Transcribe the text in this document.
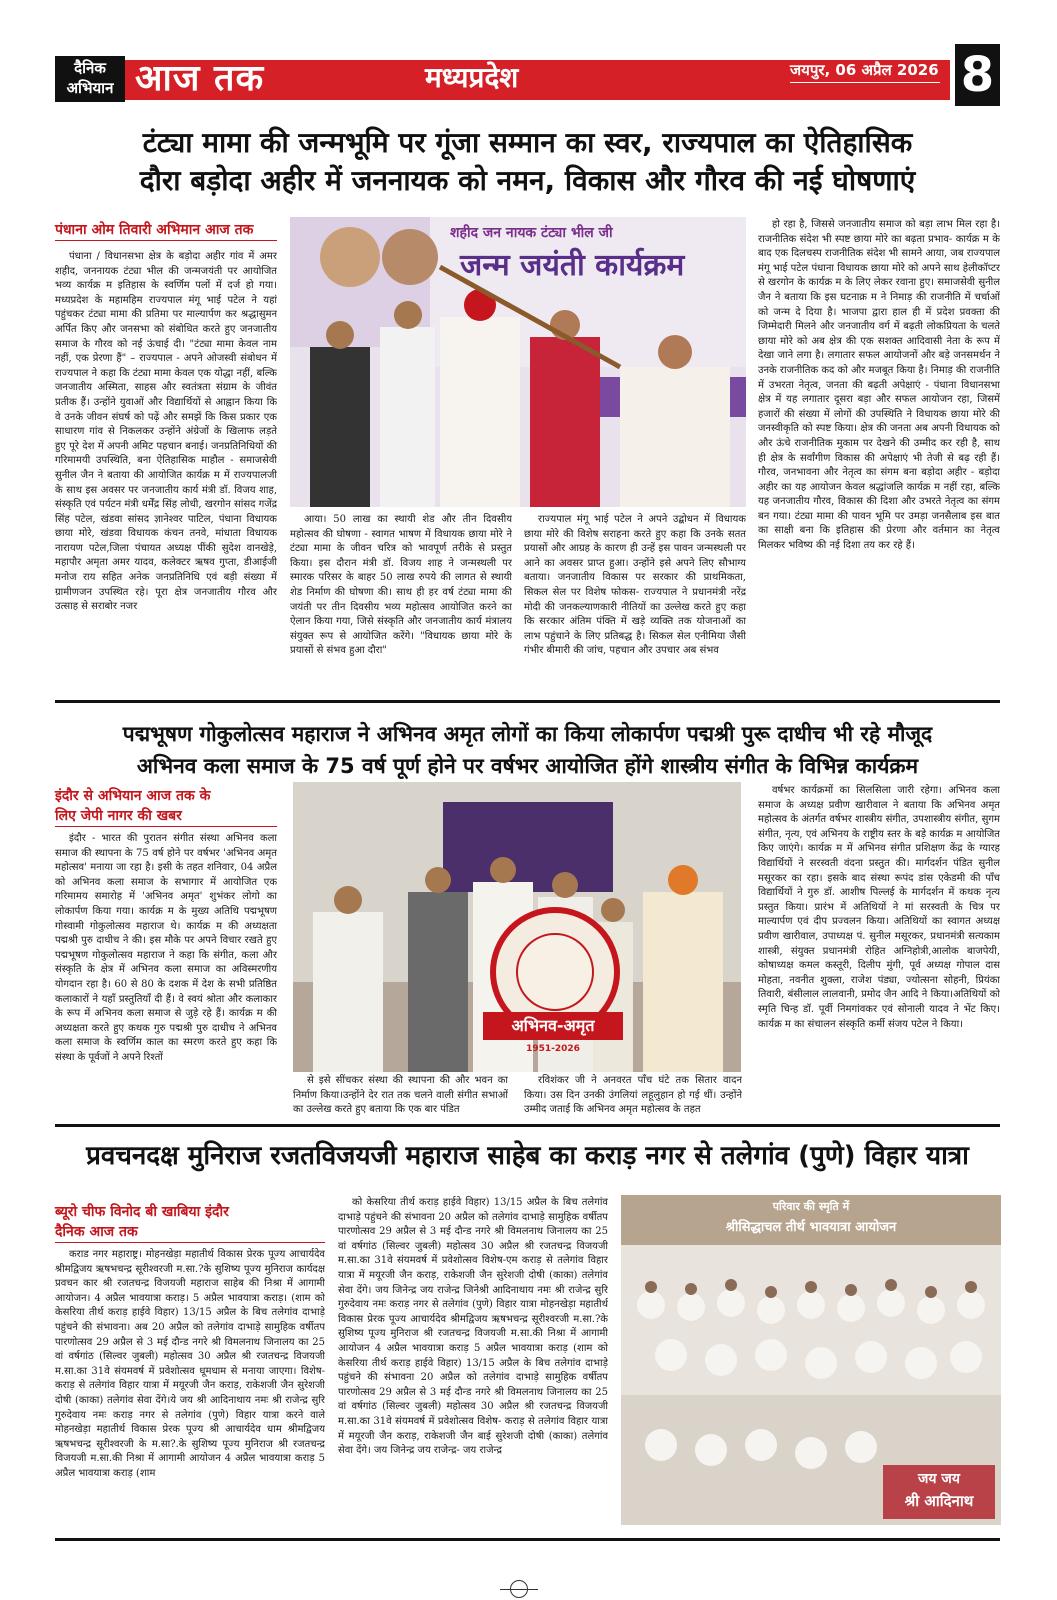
दैनिक
अभियान आज तक	मध्यप्रदेश	जयपुर, 06 अप्रैल 2026 8
टंट्या मामा की जन्मभूमि पर गूंजा सम्मान का स्वर, राज्यपाल का ऐतिहासिक
दौरा बड़ोदा अहीर में जननायक को नमन, विकास और गौरव की नई घोषणाएं
पंधाना ओम तिवारी अभिमान आज तक

पंधाना / विधानसभा क्षेत्र के बड़ोदा अहीर गांव में अमर शहीद, जननायक टंट्या भील की जन्मजयंती पर आयोजित भव्य कार्यक्र म इतिहास के स्वर्णिम पलों में दर्ज हो गया। मध्यप्रदेश के महामहिम राज्यपाल मंगू भाई पटेल ने यहां पहुंचकर टंट्या मामा की प्रतिमा पर माल्यार्पण कर श्रद्धासुमन अर्पित किए और जनसभा को संबोधित करते हुए जनजातीय समाज के गौरव को नई ऊंचाई दी। "टंट्या मामा केवल नाम नहीं, एक प्रेरणा हैं" – राज्यपाल - अपने ओजस्वी संबोधन में राज्यपाल ने कहा कि टंट्या मामा केवल एक योद्धा नहीं, बल्कि जनजातीय अस्मिता, साहस और स्वतंत्रता संग्राम के जीवंत प्रतीक हैं। उन्होंने युवाओं और विद्यार्थियों से आह्वान किया कि वे उनके जीवन संघर्ष को पढ़ें और समझें कि किस प्रकार एक साधारण गांव से निकलकर उन्होंने अंग्रेजों के खिलाफ लड़ते हुए पूरे देश में अपनी अमिट पहचान बनाई। जनप्रतिनिधियों की गरिमामयी उपस्थिति, बना ऐतिहासिक माहौल - समाजसेवी सुनील जैन ने बताया की आयोजित कार्यक्र म में राज्यपालजी के साथ इस अवसर पर जनजातीय कार्य मंत्री डॉ. विजय शाह, संस्कृति एवं पर्यटन मंत्री धर्मेंद्र सिंह लोधी, खरगोन सांसद गजेंद्र सिंह पटेल, खंडवा सांसद ज्ञानेश्वर पाटिल, पंधाना विधायक छाया मोरे, खंडवा विधायक कंचन तनवे, मांधाता विधायक नारायण पटेल,जिला पंचायत अध्यक्ष पींकी सुदेश वानखेड़े, महापौर अमृता अमर यादव, कलेक्टर ऋषव गुप्ता, डीआईजी मनोज राय सहित अनेक जनप्रतिनिधि एवं बड़ी संख्या में ग्रामीणजन उपस्थित रहे। पूरा क्षेत्र जनजातीय गौरव और उत्साह से सराबोर नजर

शहीद जन नायक टंट्या भील जी
जन्म जयंती कार्यक्रम

आया। 50 लाख का स्थायी शेड और तीन दिवसीय महोत्सव की घोषणा - स्वागत भाषण में विधायक छाया मोरे ने टंट्या मामा के जीवन चरित्र को भावपूर्ण तरीके से प्रस्तुत किया। इस दौरान मंत्री डॉ. विजय शाह ने जन्मस्थली पर स्मारक परिसर के बाहर 50 लाख रुपये की लागत से स्थायी शेड निर्माण की घोषणा की। साथ ही हर वर्ष टंट्या मामा की जयंती पर तीन दिवसीय भव्य महोत्सव आयोजित करने का ऐलान किया गया, जिसे संस्कृति और जनजातीय कार्य मंत्रालय संयुक्त रूप से आयोजित करेंगे। "विधायक छाया मोरे के प्रयासों से संभव हुआ दौरा"

राज्यपाल मंगू भाई पटेल ने अपने उद्बोधन में विधायक छाया मोरे की विशेष सराहना करते हुए कहा कि उनके सतत प्रयासों और आग्रह के कारण ही उन्हें इस पावन जन्मस्थली पर आने का अवसर प्राप्त हुआ। उन्होंने इसे अपने लिए सौभाग्य बताया। जनजातीय विकास पर सरकार की प्राथमिकता, सिकल सेल पर विशेष फोकस- राज्यपाल ने प्रधानमंत्री नरेंद्र मोदी की जनकल्याणकारी नीतियों का उल्लेख करते हुए कहा कि सरकार अंतिम पंक्ति में खड़े व्यक्ति तक योजनाओं का लाभ पहुंचाने के लिए प्रतिबद्ध है। सिकल सेल एनीमिया जैसी गंभीर बीमारी की जांच, पहचान और उपचार अब संभव

हो रहा है, जिससे जनजातीय समाज को बड़ा लाभ मिल रहा है। राजनीतिक संदेश भी स्पष्ट छाया मोरे का बढ़ता प्रभाव- कार्यक्र म के बाद एक दिलचस्प राजनीतिक संदेश भी सामने आया, जब राज्यपाल मंगू भाई पटेल पंधाना विधायक छाया मोरे को अपने साथ हेलीकॉप्टर से खरगोन के कार्यक्र म के लिए लेकर रवाना हुए। समाजसेवी सुनील जैन ने बताया कि इस घटनाक्र म ने निमाड़ की राजनीति में चर्चाओं को जन्म दे दिया है। भाजपा द्वारा हाल ही में प्रदेश प्रवक्ता की जिम्मेदारी मिलने और जनजातीय वर्ग में बढ़ती लोकप्रियता के चलते छाया मोरे को अब क्षेत्र की एक सशक्त आदिवासी नेता के रूप में देखा जाने लगा है। लगातार सफल आयोजनों और बड़े जनसमर्थन ने उनके राजनीतिक कद को और मजबूत किया है। निमाड़ की राजनीति में उभरता नेतृत्व, जनता की बढ़ती अपेक्षाएं - पंधाना विधानसभा क्षेत्र में यह लगातार दूसरा बड़ा और सफल आयोजन रहा, जिसमें हजारों की संख्या में लोगों की उपस्थिति ने विधायक छाया मोरे की जनस्वीकृति को स्पष्ट किया। क्षेत्र की जनता अब अपनी विधायक को और ऊंचे राजनीतिक मुकाम पर देखने की उम्मीद कर रही है, साथ ही क्षेत्र के सर्वांगीण विकास की अपेक्षाएं भी तेजी से बढ़ रही हैं। गौरव, जनभावना और नेतृत्व का संगम बना बड़ोदा अहीर - बड़ोदा अहीर का यह आयोजन केवल श्रद्धांजलि कार्यक्र म नहीं रहा, बल्कि यह जनजातीय गौरव, विकास की दिशा और उभरते नेतृत्व का संगम बन गया। टंट्या मामा की पावन भूमि पर उमड़ा जनसैलाब इस बात का साक्षी बना कि इतिहास की प्रेरणा और वर्तमान का नेतृत्व मिलकर भविष्य की नई दिशा तय कर रहे हैं।

पद्मभूषण गोकुलोत्सव महाराज ने अभिनव अमृत लोगों का किया लोकार्पण पद्मश्री पुरू दाधीच भी रहे मौजूद
अभिनव कला समाज के 75 वर्ष पूर्ण होने पर वर्षभर आयोजित होंगे शास्त्रीय संगीत के विभिन्न कार्यक्रम
इंदौर से अभियान आज तक के
लिए जेपी नागर की खबर

इंदौर - भारत की पुरातन संगीत संस्था अभिनव कला समाज की स्थापना के 75 वर्ष होने पर वर्षभर 'अभिनव अमृत महोत्सव' मनाया जा रहा है। इसी के तहत शनिवार, 04 अप्रैल को अभिनव कला समाज के सभागार में आयोजित एक गरिमामय समारोह में 'अभिनव अमृत' शुभंकर लोगो का लोकार्पण किया गया। कार्यक्र म के मुख्य अतिथि पद्मभूषण गोस्वामी गोकुलोत्सव महाराज थे। कार्यक्र म की अध्यक्षता पद्मश्री पुरु दाधीच ने की। इस मौके पर अपने विचार रखते हुए पद्मभूषण गोकुलोत्सव महाराज ने कहा कि संगीत, कला और संस्कृति के क्षेत्र में अभिनव कला समाज का अविस्मरणीय योगदान रहा है। 60 से 80 के दशक में देश के सभी प्रतिष्ठित कलाकारों ने यहाँ प्रस्तुतियाँ दी हैं। वे स्वयं श्रोता और कलाकार के रूप में अभिनव कला समाज से जुड़े रहे हैं। कार्यक्र म की अध्यक्षता करते हुए कथक गुरु पद्मश्री पुरु दाधीच ने अभिनव कला समाज के स्वर्णिम काल का स्मरण करते हुए कहा कि संस्था के पूर्वजों ने अपने रिश्तों

अभिनव-अमृत
1951-2026

से इसे सींचकर संस्था की स्थापना की और भवन का निर्माण किया।उन्होंने देर रात तक चलने वाली संगीत सभाओं का उल्लेख करते हुए बताया कि एक बार पंडित

रविशंकर जी ने अनवरत पाँच घंटे तक सितार वादन किया। उस दिन उनकी उंगलियां लहूलुहान हो गई थीं। उन्होंने उम्मीद जताई कि अभिनव अमृत महोत्सव के तहत

वर्षभर कार्यक्रमों का सिलसिला जारी रहेगा। अभिनव कला समाज के अध्यक्ष प्रवीण खारीवाल ने बताया कि अभिनव अमृत महोत्सव के अंतर्गत वर्षभर शास्त्रीय संगीत, उपशास्त्रीय संगीत, सुगम संगीत, नृत्य, एवं अभिनय के राष्ट्रीय स्तर के बड़े कार्यक्र म आयोजित किए जाएंगे। कार्यक्र म में अभिनव संगीत प्रशिक्षण केंद्र के ग्यारह विद्यार्थियों ने सरस्वती वंदना प्रस्तुत की। मार्गदर्शन पंडित सुनील मसूरकर का रहा। इसके बाद संस्था रूपंद डांस एकेडमी की पाँच विद्यार्थियों ने गुरु डॉ. आशीष पिल्लई के मार्गदर्शन में कथक नृत्य प्रस्तुत किया। प्रारंभ में अतिथियों ने मां सरस्वती के चित्र पर माल्यार्पण एवं दीप प्रज्वलन किया। अतिथियों का स्वागत अध्यक्ष प्रवीण खारीवाल, उपाध्यक्ष पं. सुनील मसूरकर, प्रधानमंत्री सत्यकाम शास्त्री, संयुक्त प्रधानमंत्री रोहित अग्निहोत्री,आलोक बाजपेयी, कोषाध्यक्ष कमल कस्तूरी, दिलीप मुंगी, पूर्व अध्यक्ष गोपाल दास मोहता, नवनीत शुक्ला, राजेश पंड्या, ज्योत्सना सोहनी, प्रियंका तिवारी, बंसीलाल लालवानी, प्रमोद जैन आदि ने किया।अतिथियों को स्मृति चिन्ह डॉ. पूर्वी निमगांवकर एवं सोनाली यादव ने भेंट किए। कार्यक्र म का संचालन संस्कृति कर्मी संजय पटेल ने किया।

प्रवचनदक्ष मुनिराज रजतविजयजी महाराज साहेब का कराड़ नगर से तलेगांव (पुणे) विहार यात्रा
ब्यूरो चीफ विनोद बी खाबिया इंदौर
दैनिक आज तक

कराड नगर महाराष्ट्र। मोहनखेड़ा महातीर्थ विकास प्रेरक पूज्य आचार्यदेव श्रीमद्विजय ऋषभचन्द्र सूरीश्वरजी म.सा.?के सुशिष्य पूज्य मुनिराज कार्यदक्ष प्रवचन कार श्री रजतचन्द्र विजयजी महाराज साहेब की निश्रा में आगामी आयोजन। 4 अप्रैल भावयात्रा कराड़। 5 अप्रैल भावयात्रा कराड़। (शाम को केसरिया तीर्थ कराड़ हाईवे विहार) 13/15 अप्रैल के बिच तलेगांव दाभाड़े पहुंचने की संभावना। अब 20 अप्रैल को तलेगांव दाभाड़े सामुहिक वर्षीतप पारणोत्सव 29 अप्रैल से 3 मई दौन्ड नगरे श्री विमलनाथ जिनालय का 25 वां वर्षगांठ (सिल्वर जुबली) महोत्सव 30 अप्रैल श्री रजतचन्द्र विजयजी म.सा.का 31वे संयमवर्ष में प्रवेशोत्सव धूमधाम से मनाया जाएगा। विशेष- कराड़ से तलेगांव विहार यात्रा में मयूरजी जैन कराड़, राकेशजी जैन सुरेशजी दोषी (काका) तलेगांव सेवा देंगे।ये जय श्री आदिनाथाय नमः श्री राजेन्द्र सुरि गुरुदेवाय नमः कराड़ नगर से तलेगांव (पुणे) विहार यात्रा करने वाले मोहनखेड़ा महातीर्थ विकास प्रेरक पूज्य श्री आचार्यदेव धाम श्रीमद्विजय ऋषभचन्द्र सूरीश्वरजी के म.सा?.के सुशिष्य पूज्य मुनिराज श्री रजतचन्द्र विजयजी म.सा.की निश्रा में आगामी आयोजन 4 अप्रैल भावयात्रा कराड़ 5 अप्रैल भावयात्रा कराड़ (शाम

को केसरिया तीर्थ कराड़ हाईवे विहार) 13/15 अप्रैल के बिच तलेगांव दाभाड़े पहुंचने की संभावना 20 अप्रैल को तलेगांव दाभाड़े सामुहिक वर्षीतप पारणोत्सव 29 अप्रैल से 3 मई दौन्ड नगरे श्री विमलनाथ जिनालय का 25 वां वर्षगांठ (सिल्वर जुबली) महोत्सव 30 अप्रैल श्री रजतचन्द्र विजयजी म.सा.का 31वे संयमवर्ष में प्रवेशोत्सव विशेष-एम कराड़ से तलेगांव विहार यात्रा में मयूरजी जैन कराड़, राकेशजी जैन सुरेशजी दोषी (काका) तलेगांव सेवा देंगे। जय जिनेन्द्र जय राजेन्द्र जिनेश्री आदिनाथाय नमः श्री राजेन्द्र सुरि गुरुदेवाय नमः कराड़ नगर से तलेगांव (पुणे) विहार यात्रा मोहनखेड़ा महातीर्थ विकास प्रेरक पूज्य आचार्यदेव श्रीमद्विजय ऋषभचन्द्र सूरीश्वरजी म.सा.?के सुशिष्य पूज्य मुनिराज श्री रजतचन्द्र विजयजी म.सा.की निश्रा में आगामी आयोजन 4 अप्रैल भावयात्रा कराड़ 5 अप्रैल भावयात्रा कराड़ (शाम को केसरिया तीर्थ कराड़ हाईवे विहार) 13/15 अप्रैल के बिच तलेगांव दाभाड़े पहुंचने की संभावना 20 अप्रैल को तलेगांव दाभाड़े सामुहिक वर्षीतप पारणोत्सव 29 अप्रैल से 3 मई दौन्ड नगरे श्री विमलनाथ जिनालय का 25 वां वर्षगांठ (सिल्वर जुबली) महोत्सव 30 अप्रैल श्री रजतचन्द्र विजयजी म.सा.का 31वे संयमवर्ष में प्रवेशोत्सव विशेष- कराड़ से तलेगांव विहार यात्रा में मयूरजी जैन कराड़, राकेशजी जैन बाई सुरेशजी दोषी (काका) तलेगांव सेवा देंगे। जय जिनेन्द्र जय राजेन्द्र- जय राजेन्द्र

परिवार की स्मृति में
श्रीसिद्धाचल तीर्थ भावयात्रा आयोजन
जय जय
श्री आदिनाथ
